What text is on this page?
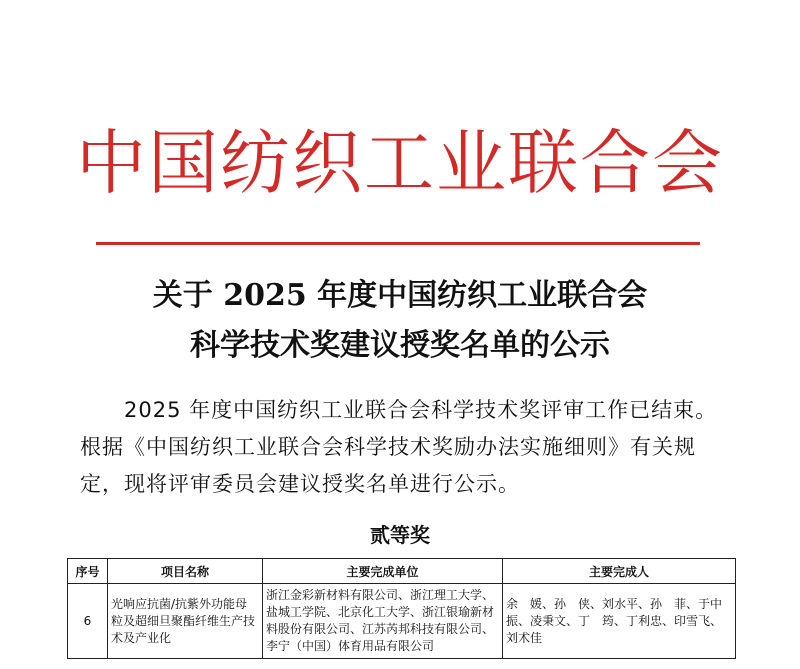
中国纺织工业联合会
关于 2025 年度中国纺织工业联合会
科学技术奖建议授奖名单的公示

2025 年度中国纺织工业联合会科学技术奖评审工作已结束。根据《中国纺织工业联合会科学技术奖励办法实施细则》有关规定，现将评审委员会建议授奖名单进行公示。

贰等奖
序号	项目名称	主要完成单位	主要完成人
6	光响应抗菌/抗紫外功能母粒及超细旦聚酯纤维生产技术及产业化	浙江金彩新材料有限公司、浙江理工大学、盐城工学院、北京化工大学、浙江银瑜新材料股份有限公司、江苏芮邦科技有限公司、李宁（中国）体育用品有限公司	余　媛、孙　侠、刘水平、孙　菲、于中振、凌秉文、丁　筠、丁利忠、印雪飞、刘术佳
